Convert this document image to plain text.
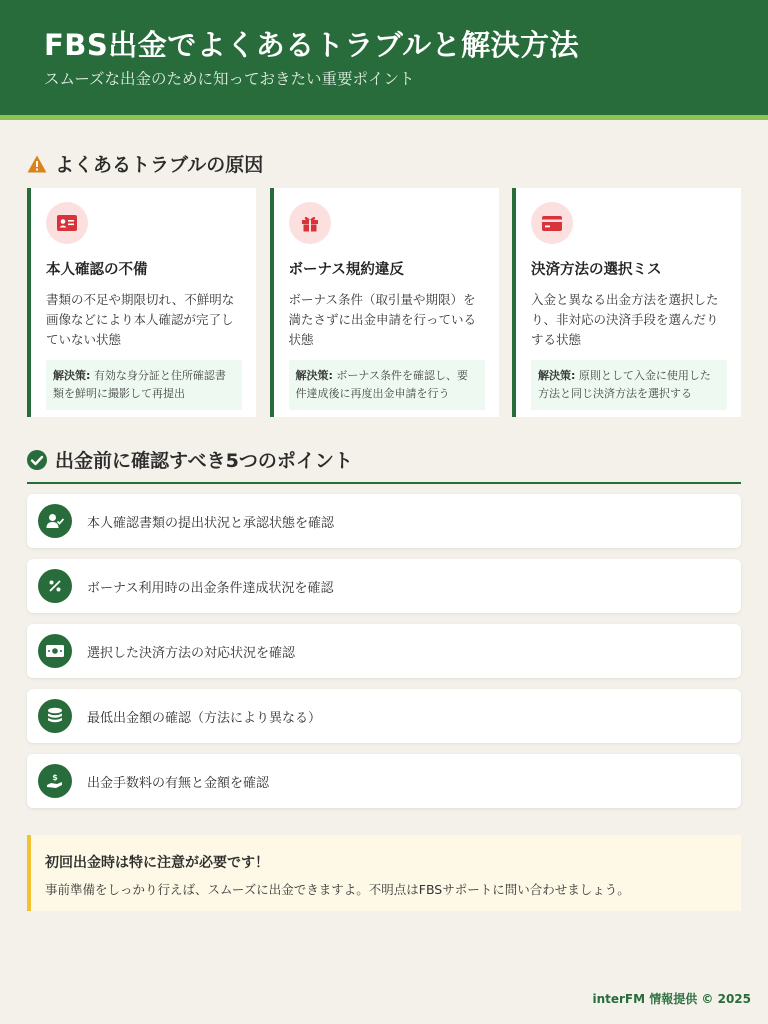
FBS出金でよくあるトラブルと解決方法
スムーズな出金のために知っておきたい重要ポイント
よくあるトラブルの原因
本人確認の不備

書類の不足や期限切れ、不鮮明な画像などにより本人確認が完了していない状態

解決策: 有効な身分証と住所確認書類を鮮明に撮影して再提出
ボーナス規約違反

ボーナス条件（取引量や期限）を満たさずに出金申請を行っている状態

解決策: ボーナス条件を確認し、要件達成後に再度出金申請を行う
決済方法の選択ミス

入金と異なる出金方法を選択したり、非対応の決済手段を選んだりする状態

解決策: 原則として入金に使用した方法と同じ決済方法を選択する
出金前に確認すべき5つのポイント
本人確認書類の提出状況と承認状態を確認
ボーナス利用時の出金条件達成状況を確認
選択した決済方法の対応状況を確認
最低出金額の確認（方法により異なる）
$ 出金手数料の有無と金額を確認
初回出金時は特に注意が必要です！
事前準備をしっかり行えば、スムーズに出金できますよ。不明点はFBSサポートに問い合わせましょう。
interFM 情報提供 © 2025
